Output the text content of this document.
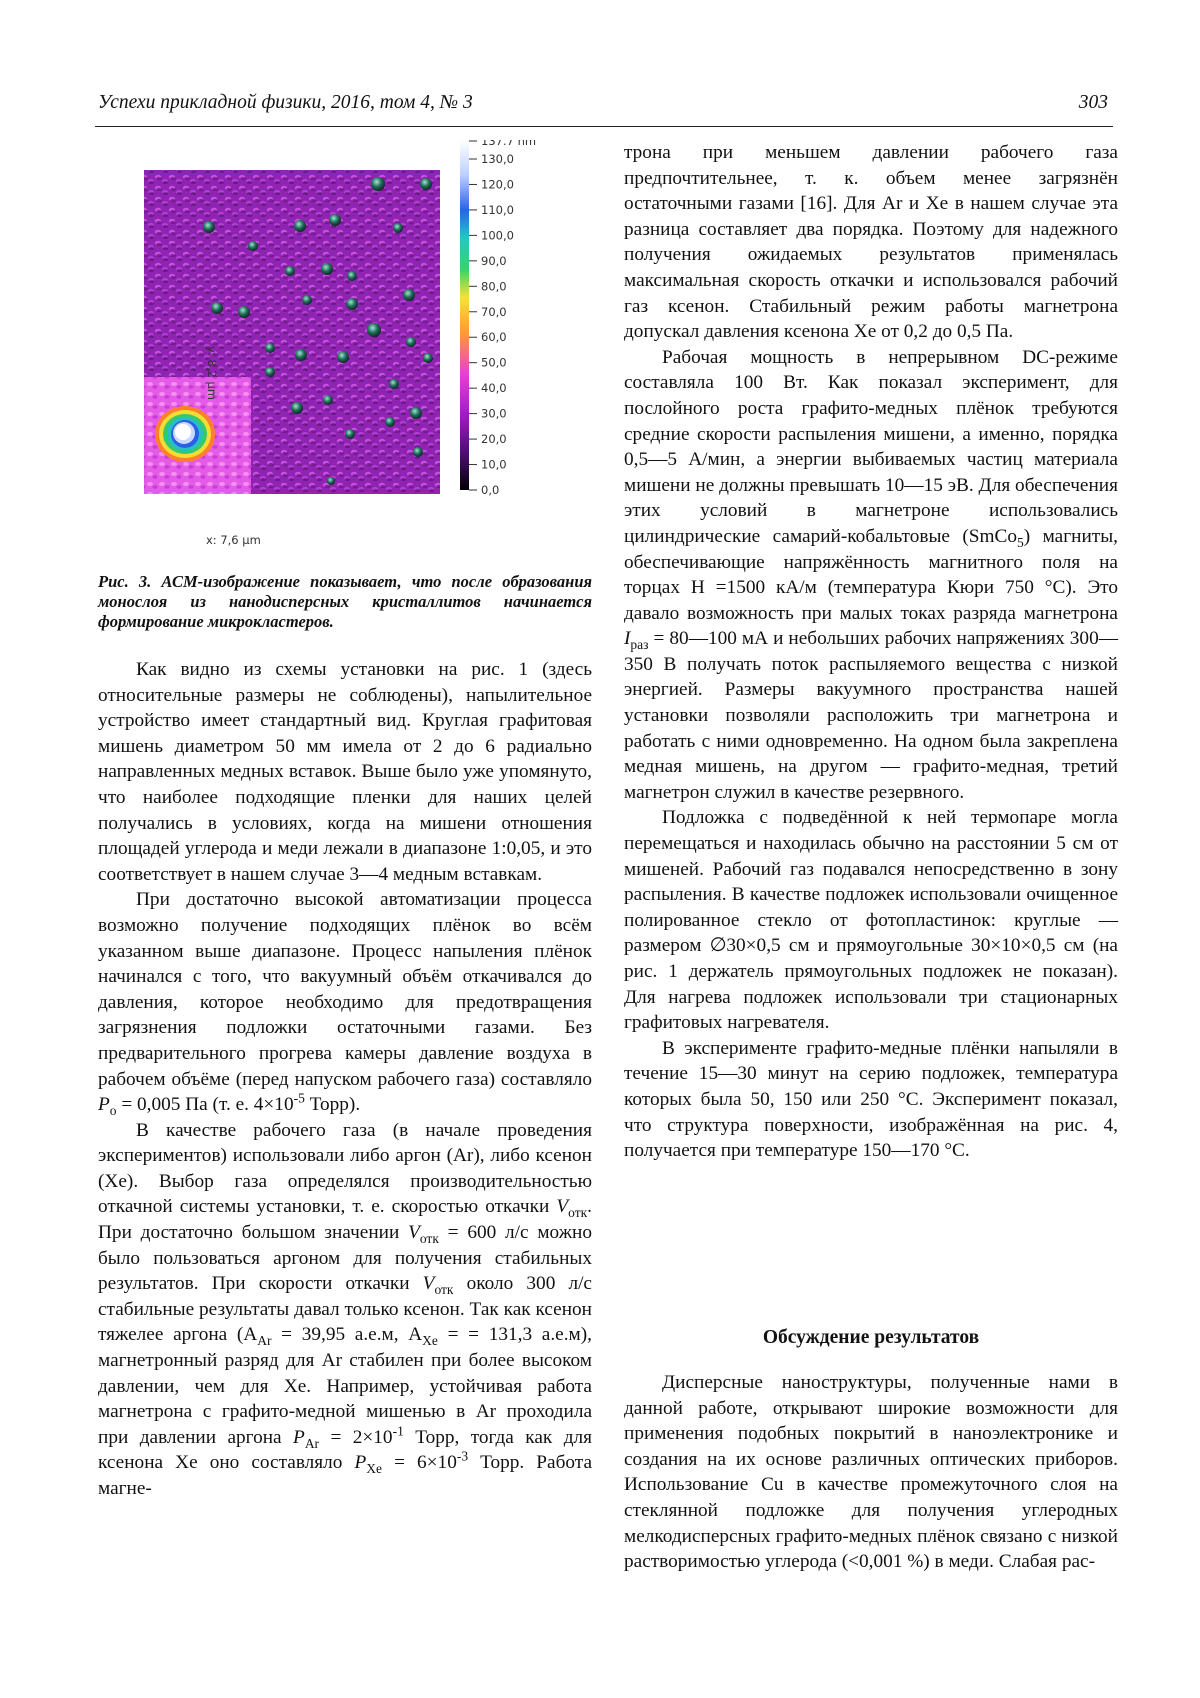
Успехи прикладной физики, 2016, том 4, № 3	303
x: 7,6 µm
y: 8,2 µm
130,0
120,0
110,0
100,0
90,0
80,0
70,0
60,0
50,0
40,0
30,0
20,0
10,0
0,0
137.7 nm
Рис. 3. АСМ-изображение показывает, что после образования монослоя из нанодисперсных кристаллитов начинается формирование микрокластеров.

Как видно из схемы установки на рис. 1 (здесь относительные размеры не соблюдены), напылительное устройство имеет стандартный вид. Круглая графитовая мишень диаметром 50 мм имела от 2 до 6 радиально направленных медных вставок. Выше было уже упомянуто, что наиболее подходящие пленки для наших целей получались в условиях, когда на мишени отношения площадей углерода и меди лежали в диапазоне 1:0,05, и это соответствует в нашем случае 3—4 медным вставкам.

При достаточно высокой автоматизации процесса возможно получение подходящих плёнок во всём указанном выше диапазоне. Процесс напыления плёнок начинался с того, что вакуумный объём откачивался до давления, которое необходимо для предотвращения загрязнения подложки остаточными газами. Без предварительного прогрева камеры давление воздуха в рабочем объёме (перед напуском рабочего газа) составляло $P_о = 0,005$ Па (т. е. $4\times 10^{-5}$ Торр).

В качестве рабочего газа (в начале проведения экспериментов) использовали либо аргон (Ar), либо ксенон (Xe). Выбор газа определялся производительностью откачной системы установки, т. е. скоростью откачки $V_{отк}$. При достаточно большом значении $V_{отк} = 600$ л/с можно было пользоваться аргоном для получения стабильных результатов. При скорости откачки $V_{отк}$ около 300 л/с стабильные результаты давал только ксенон. Так как ксенон тяжелее аргона ($A_{Ar} = 39,95$ а.е.м, $A_{Xe}$ = = 131,3 а.е.м), магнетронный разряд для Ar стабилен при более высоком давлении, чем для Xe. Например, устойчивая работа магнетрона с графито-медной мишенью в Ar проходила при давлении аргона $P_{Ar} = 2\times 10^{-1}$ Торр, тогда как для ксенона Xe оно составляло $P_{Xe} = 6\times 10^{-3}$ Торр. Работа магне-

трона при меньшем давлении рабочего газа предпочтительнее, т. к. объем менее загрязнён остаточными газами [16]. Для Ar и Xe в нашем случае эта разница составляет два порядка. Поэтому для надежного получения ожидаемых результатов применялась максимальная скорость откачки и использовался рабочий газ ксенон. Стабильный режим работы магнетрона допускал давления ксенона Xe от 0,2 до 0,5 Па.

Рабочая мощность в непрерывном DC-режиме составляла 100 Вт. Как показал эксперимент, для послойного роста графито-медных плёнок требуются средние скорости распыления мишени, а именно, порядка 0,5—5 А/мин, а энергии выбиваемых частиц материала мишени не должны превышать 10—15 эВ. Для обеспечения этих условий в магнетроне использовались цилиндрические самарий-кобальтовые (SmCo$_5$) магниты, обеспечивающие напряжённость магнитного поля на торцах H =1500 кА/м (температура Кюри 750 °С). Это давало возможность при малых токах разряда магнетрона $I_{раз}$ = 80—100 мА и небольших рабочих напряжениях 300—350 В получать поток распыляемого вещества с низкой энергией. Размеры вакуумного пространства нашей установки позволяли расположить три магнетрона и работать с ними одновременно. На одном была закреплена медная мишень, на другом — графито-медная, третий магнетрон служил в качестве резервного.

Подложка с подведённой к ней термопаре могла перемещаться и находилась обычно на расстоянии 5 см от мишеней. Рабочий газ подавался непосредственно в зону распыления. В качестве подложек использовали очищенное полированное стекло от фотопластинок: круглые — размером ∅30×0,5 см и прямоугольные 30×10×0,5 см (на рис. 1 держатель прямоугольных подложек не показан). Для нагрева подложек использовали три стационарных графитовых нагревателя.

В эксперименте графито-медные плёнки напыляли в течение 15—30 минут на серию подложек, температура которых была 50, 150 или 250 °С. Эксперимент показал, что структура поверхности, изображённая на рис. 4, получается при температуре 150—170 °С.

Обсуждение результатов

Дисперсные наноструктуры, полученные нами в данной работе, открывают широкие возможности для применения подобных покрытий в наноэлектронике и создания на их основе различных оптических приборов. Использование Cu в качестве промежуточного слоя на стеклянной подложке для получения углеродных мелкодисперсных графито-медных плёнок связано с низкой растворимостью углерода (<0,001 %) в меди. Слабая рас-
